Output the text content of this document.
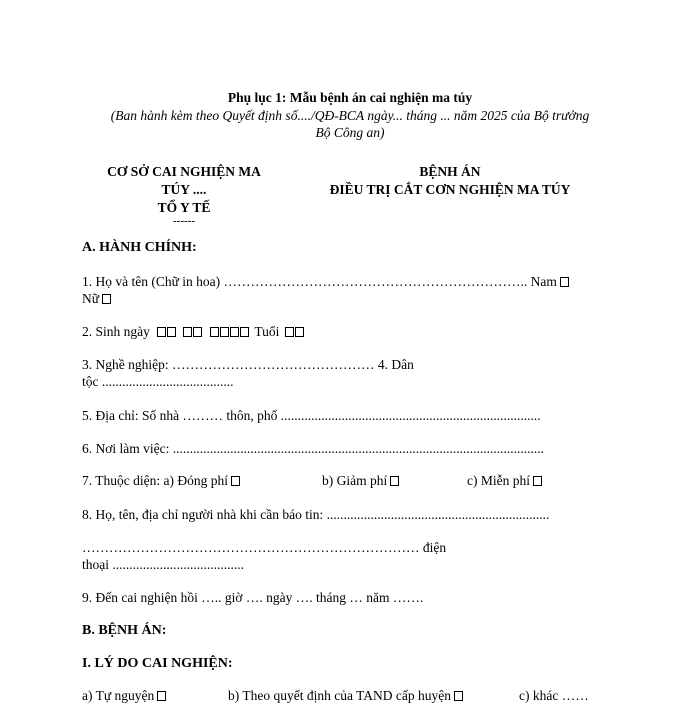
Phụ lục 1: Mẫu bệnh án cai nghiện ma túy
(Ban hành kèm theo Quyết định số..../QĐ-BCA ngày... tháng ... năm 2025 của Bộ trưởng
Bộ Công an)
CƠ SỞ CAI NGHIỆN MA
TÚY ....
TỔ Y TẾ
------
BỆNH ÁN
ĐIỀU TRỊ CẮT CƠN NGHIỆN MA TÚY
A. HÀNH CHÍNH:
1. Họ và tên (Chữ in hoa) ………………………………………………………….. Nam
Nữ
2. Sinh ngày	Tuổi
3. Nghề nghiệp: ……………………………………… 4. Dân
tộc .......................................
5. Địa chỉ: Số nhà ……… thôn, phố .............................................................................
6. Nơi làm việc: ..............................................................................................................
7. Thuộc diện: a) Đóng phí	b) Giảm phí	c) Miễn phí
8. Họ, tên, địa chỉ người nhà khi cần báo tin: ..................................................................
………………………………………………………………… điện
thoại .......................................
9. Đến cai nghiện hồi ….. giờ …. ngày …. tháng … năm …….
B. BỆNH ÁN:
I. LÝ DO CAI NGHIỆN:
a) Tự nguyện	b) Theo quyết định của TAND cấp huyện	c) khác ……
